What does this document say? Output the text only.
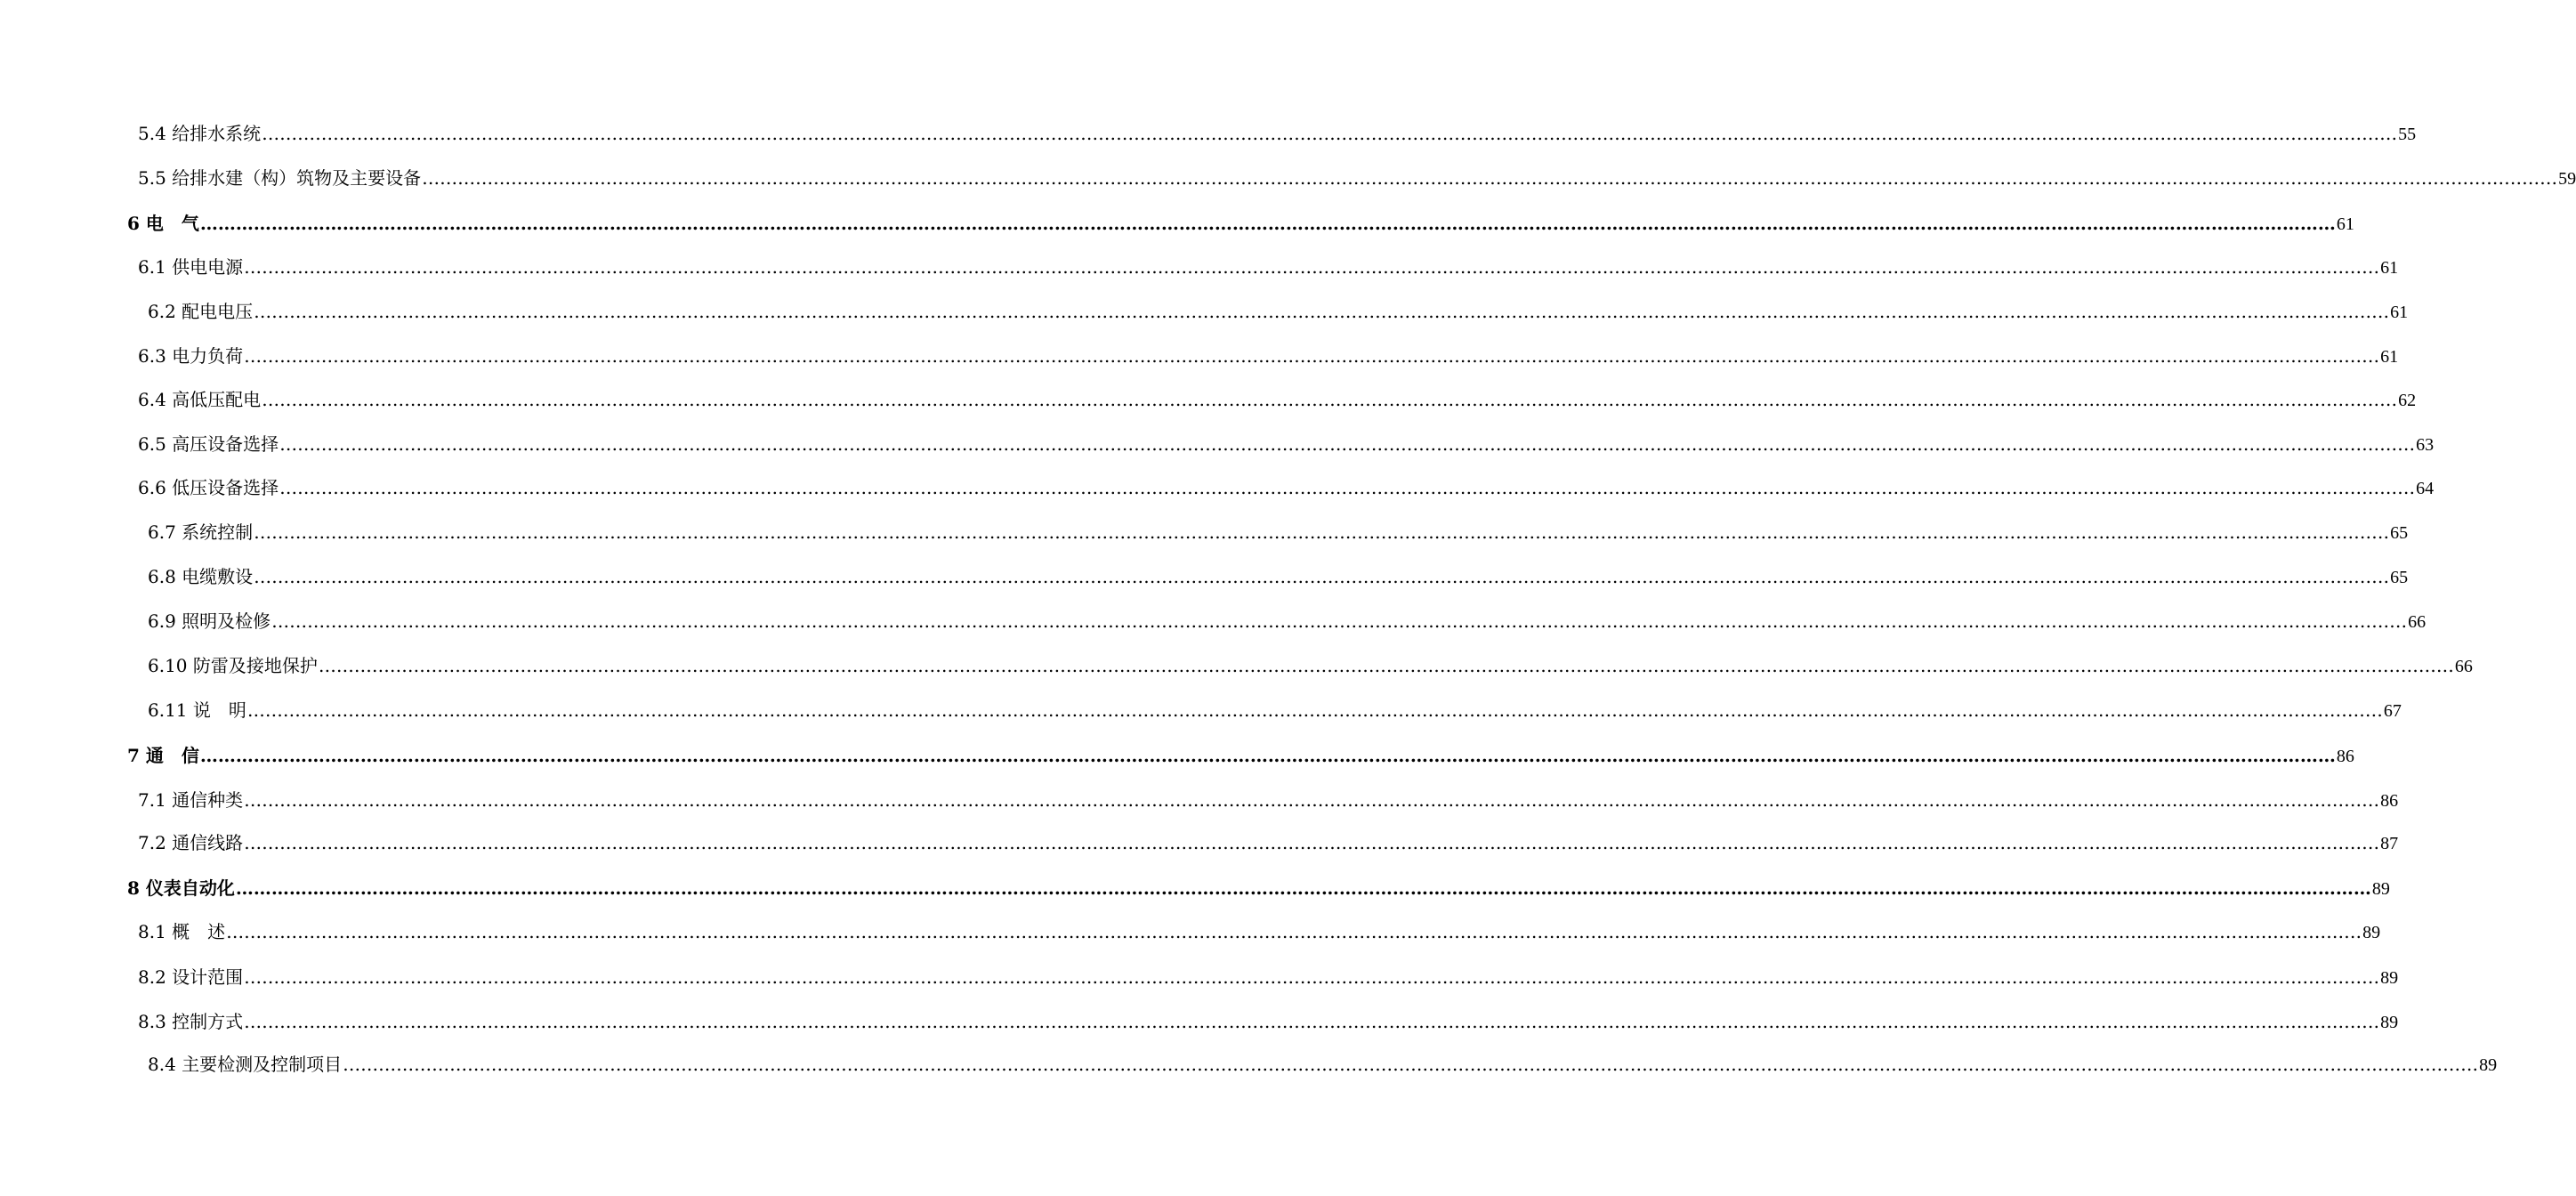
5.4 给排水系统 ……………………………………………………………………………………………………………………………………………………………………………………………………………………………………………………………………………………………………………………………… 55
5.5 给排水建（构）筑物及主要设备 ……………………………………………………………………………………………………………………………………………………………………………………………………………………………………………………………………………………………………………………………… 59
6 电　气 ……………………………………………………………………………………………………………………………………………………………………………………………………………………………………………………………………………………………………………………………… 61
6.1 供电电源 ……………………………………………………………………………………………………………………………………………………………………………………………………………………………………………………………………………………………………………………………… 61
6.2 配电电压 ……………………………………………………………………………………………………………………………………………………………………………………………………………………………………………………………………………………………………………………………… 61
6.3 电力负荷 ……………………………………………………………………………………………………………………………………………………………………………………………………………………………………………………………………………………………………………………………… 61
6.4 高低压配电 ……………………………………………………………………………………………………………………………………………………………………………………………………………………………………………………………………………………………………………………………… 62
6.5 高压设备选择 ……………………………………………………………………………………………………………………………………………………………………………………………………………………………………………………………………………………………………………………………… 63
6.6 低压设备选择 ……………………………………………………………………………………………………………………………………………………………………………………………………………………………………………………………………………………………………………………………… 64
6.7 系统控制 ……………………………………………………………………………………………………………………………………………………………………………………………………………………………………………………………………………………………………………………………… 65
6.8 电缆敷设 ……………………………………………………………………………………………………………………………………………………………………………………………………………………………………………………………………………………………………………………………… 65
6.9 照明及检修 ……………………………………………………………………………………………………………………………………………………………………………………………………………………………………………………………………………………………………………………………… 66
6.10 防雷及接地保护 ……………………………………………………………………………………………………………………………………………………………………………………………………………………………………………………………………………………………………………………………… 66
6.11 说　明 ……………………………………………………………………………………………………………………………………………………………………………………………………………………………………………………………………………………………………………………………… 67
7 通　信 ……………………………………………………………………………………………………………………………………………………………………………………………………………………………………………………………………………………………………………………………… 86
7.1 通信种类 ……………………………………………………………………………………………………………………………………………………………………………………………………………………………………………………………………………………………………………………………… 86
7.2 通信线路 ……………………………………………………………………………………………………………………………………………………………………………………………………………………………………………………………………………………………………………………………… 87
8 仪表自动化 ……………………………………………………………………………………………………………………………………………………………………………………………………………………………………………………………………………………………………………………………… 89
8.1 概　述 ……………………………………………………………………………………………………………………………………………………………………………………………………………………………………………………………………………………………………………………………… 89
8.2 设计范围 ……………………………………………………………………………………………………………………………………………………………………………………………………………………………………………………………………………………………………………………………… 89
8.3 控制方式 ……………………………………………………………………………………………………………………………………………………………………………………………………………………………………………………………………………………………………………………………… 89
8.4 主要检测及控制项目 ……………………………………………………………………………………………………………………………………………………………………………………………………………………………………………………………………………………………………………………………… 89
